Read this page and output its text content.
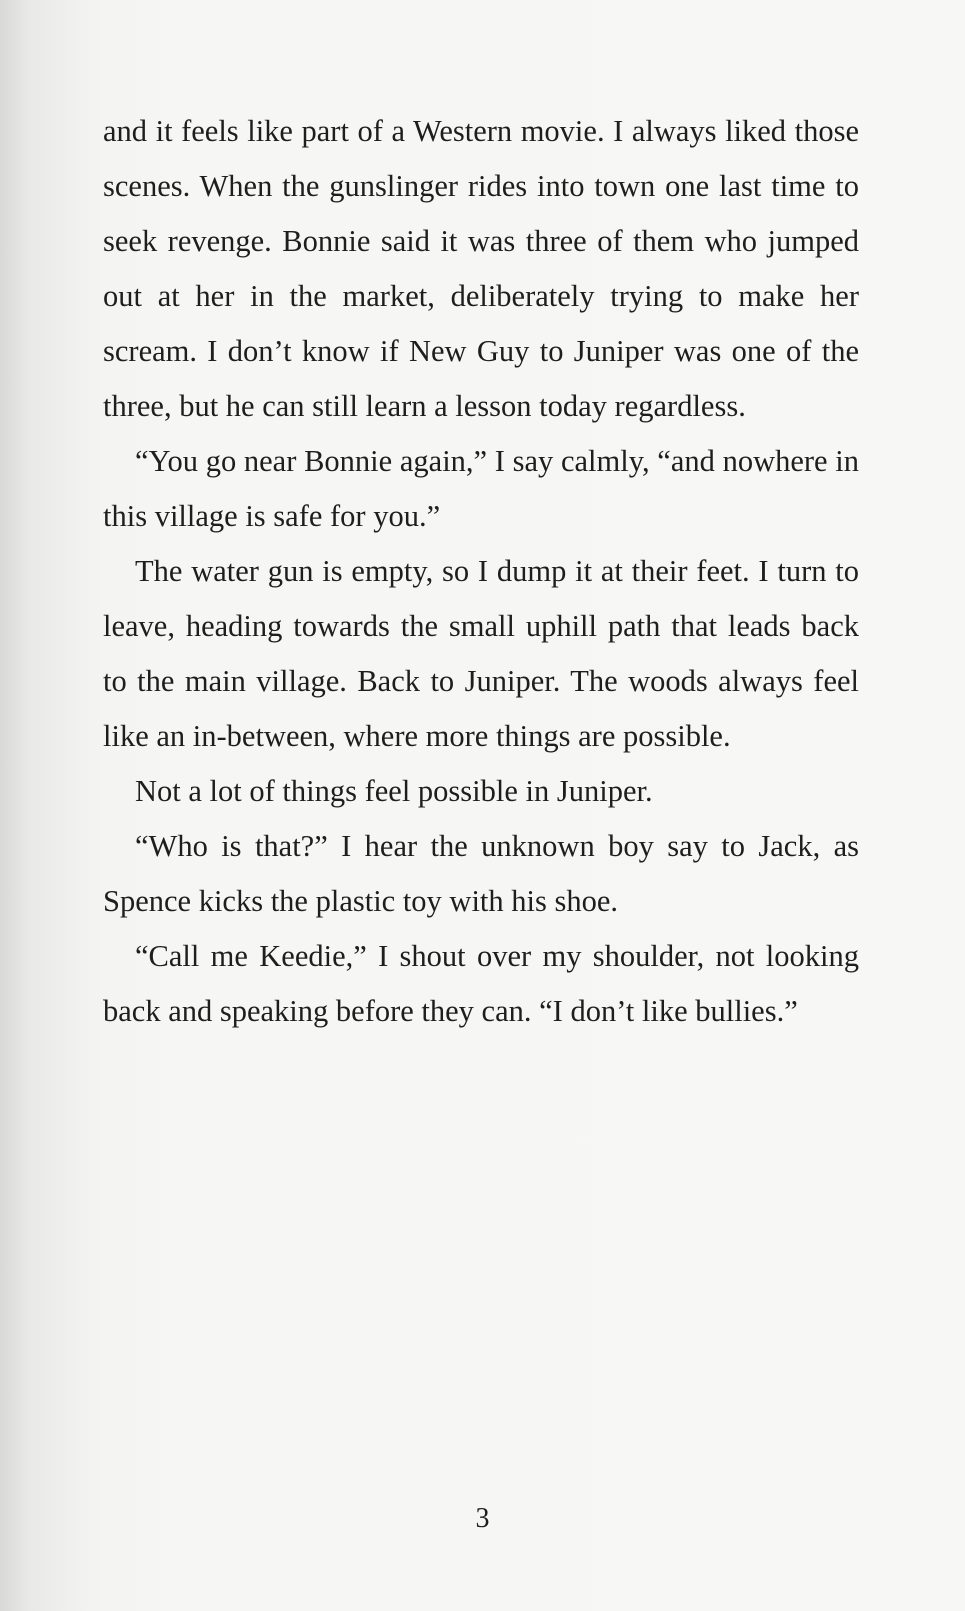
and it feels like part of a Western movie. I always liked those scenes. When the gunslinger rides into town one last time to seek revenge. Bonnie said it was three of them who jumped out at her in the market, deliberately trying to make her scream. I don’t know if New Guy to Juniper was one of the three, but he can still learn a lesson today regardless.

“You go near Bonnie again,” I say calmly, “and nowhere in this village is safe for you.”

The water gun is empty, so I dump it at their feet. I turn to leave, heading towards the small uphill path that leads back to the main village. Back to Juniper. The woods always feel like an in-between, where more things are possible.

Not a lot of things feel possible in Juniper.

“Who is that?” I hear the unknown boy say to Jack, as Spence kicks the plastic toy with his shoe.

“Call me Keedie,” I shout over my shoulder, not looking back and speaking before they can. “I don’t like bullies.”

3
